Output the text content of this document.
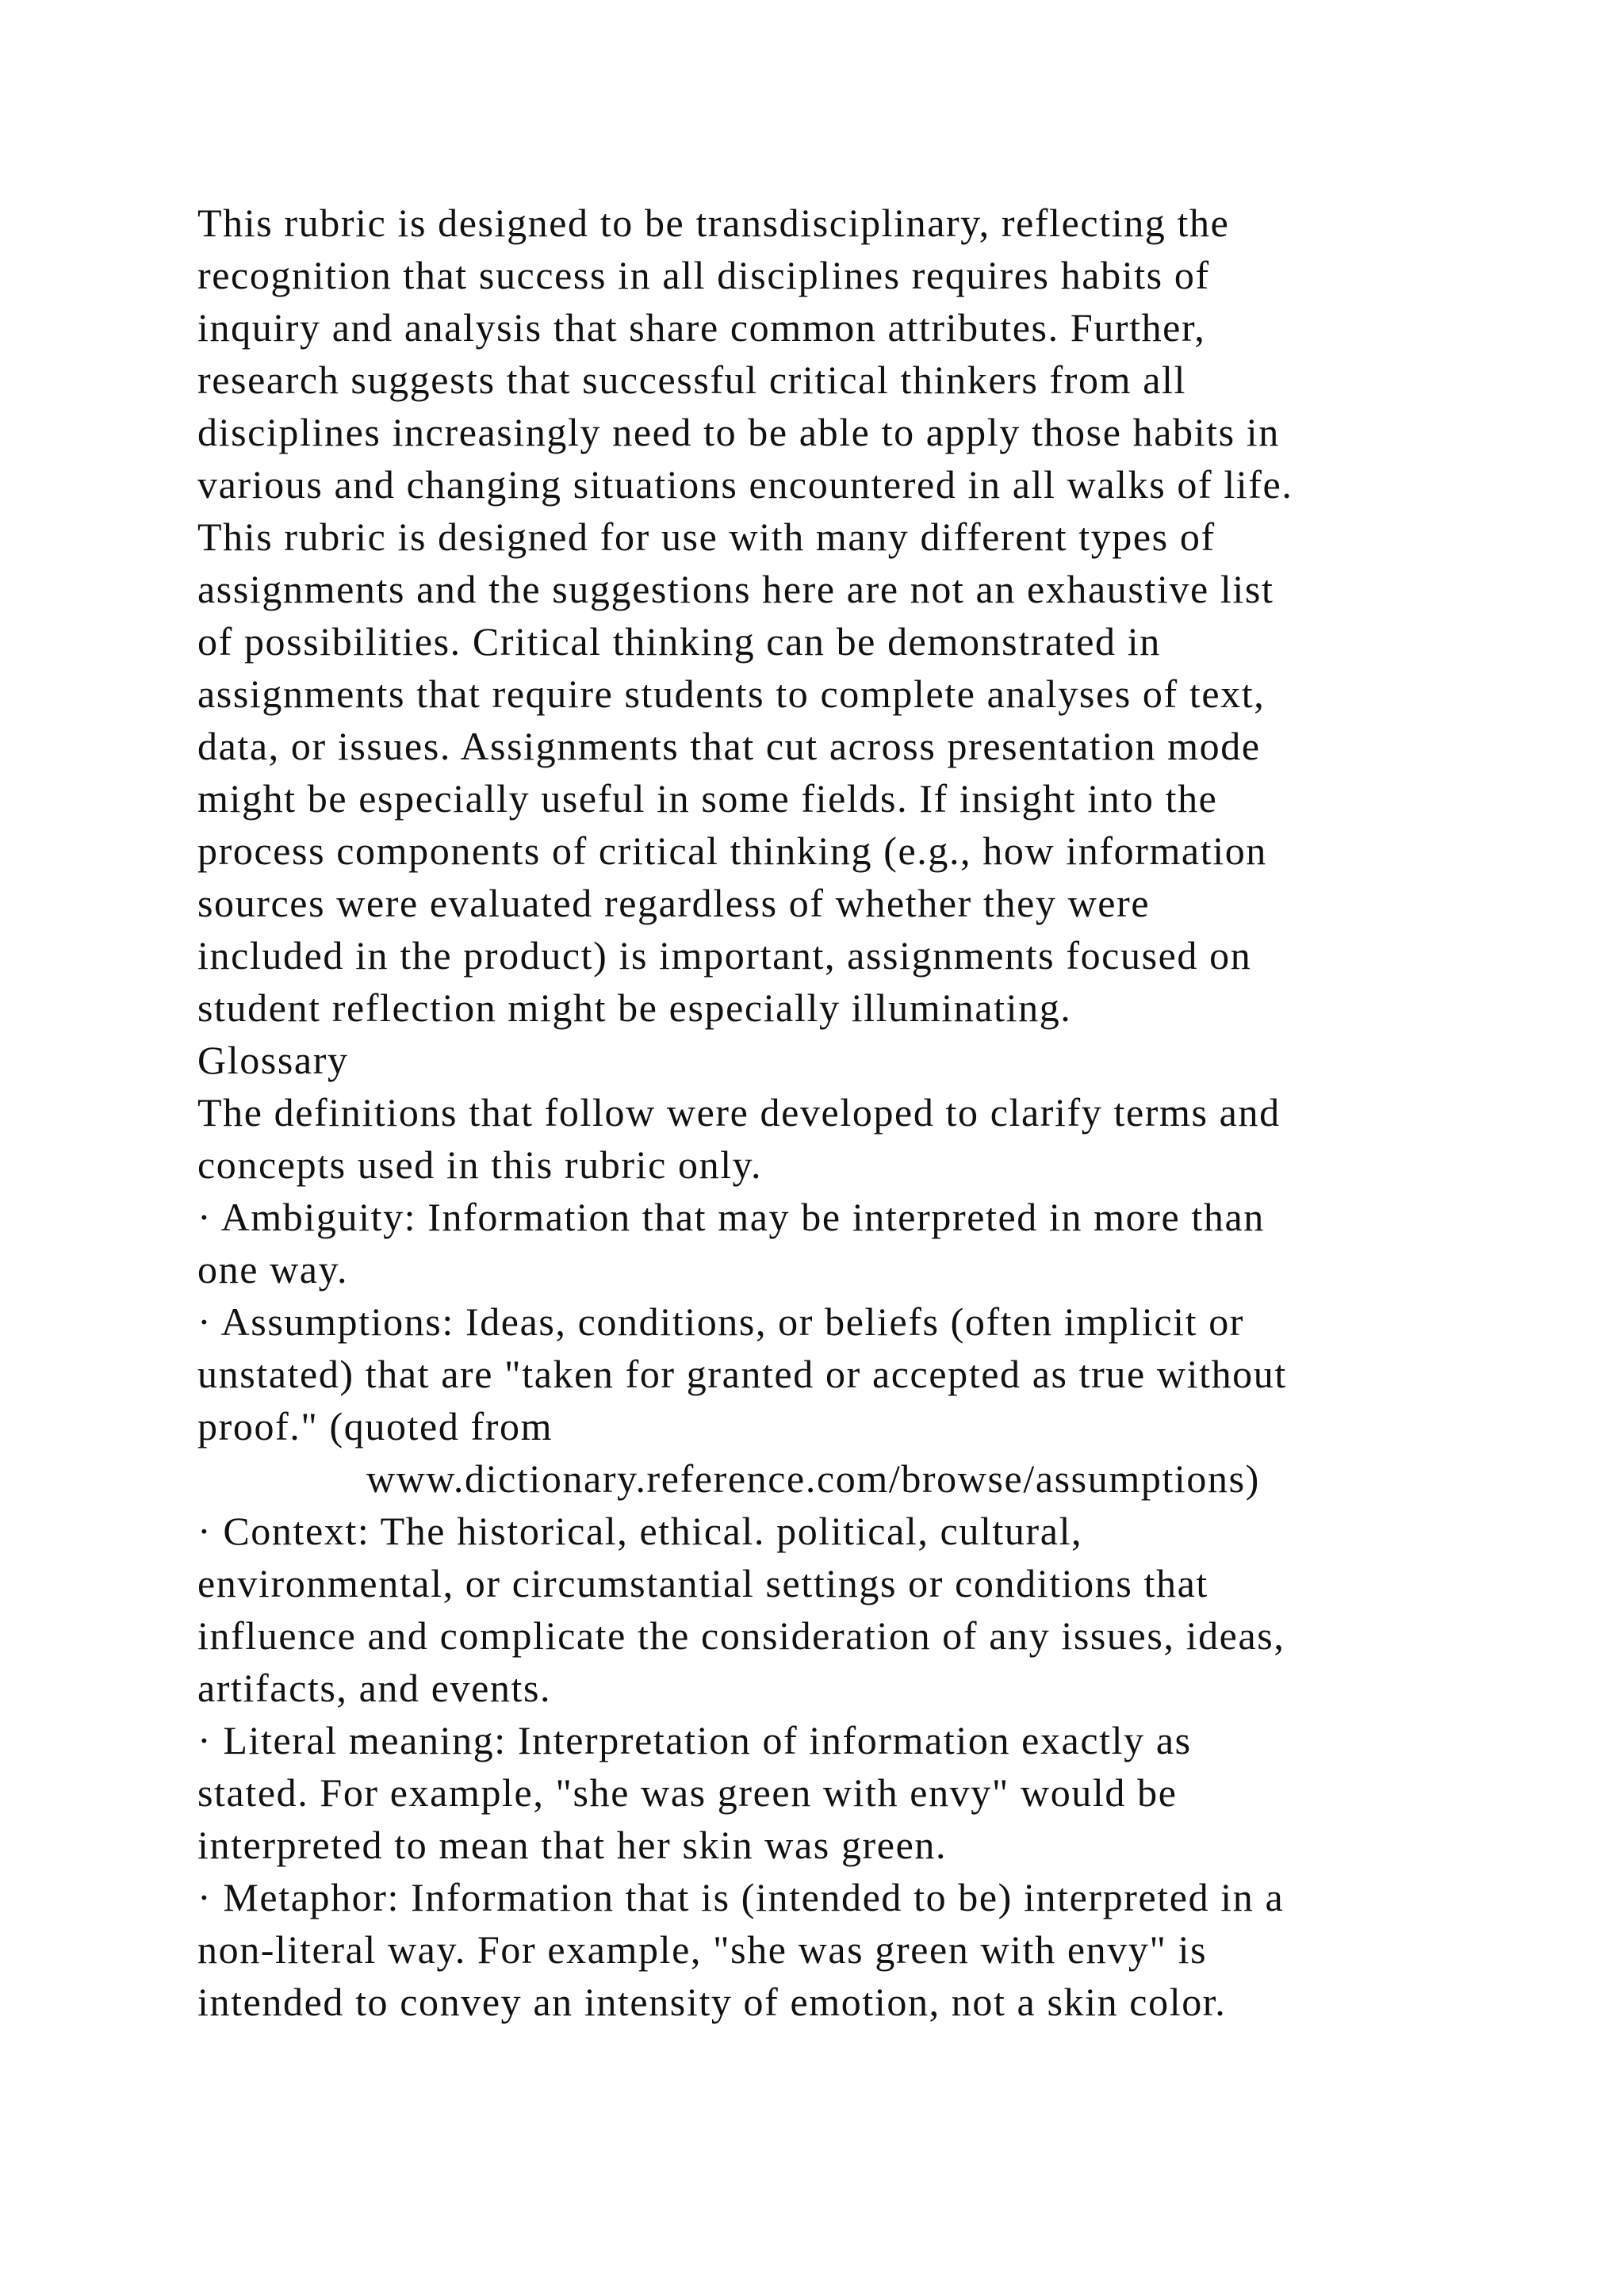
This rubric is designed to be transdisciplinary, reflecting the
recognition that success in all disciplines requires habits of
inquiry and analysis that share common attributes. Further,
research suggests that successful critical thinkers from all
disciplines increasingly need to be able to apply those habits in
various and changing situations encountered in all walks of life.
This rubric is designed for use with many different types of
assignments and the suggestions here are not an exhaustive list
of possibilities. Critical thinking can be demonstrated in
assignments that require students to complete analyses of text,
data, or issues. Assignments that cut across presentation mode
might be especially useful in some fields. If insight into the
process components of critical thinking (e.g., how information
sources were evaluated regardless of whether they were
included in the product) is important, assignments focused on
student reflection might be especially illuminating.
Glossary
The definitions that follow were developed to clarify terms and
concepts used in this rubric only.
· Ambiguity: Information that may be interpreted in more than
one way.
· Assumptions: Ideas, conditions, or beliefs (often implicit or
unstated) that are "taken for granted or accepted as true without
proof." (quoted from
www.dictionary.reference.com/browse/assumptions)
· Context: The historical, ethical. political, cultural,
environmental, or circumstantial settings or conditions that
influence and complicate the consideration of any issues, ideas,
artifacts, and events.
· Literal meaning: Interpretation of information exactly as
stated. For example, "she was green with envy" would be
interpreted to mean that her skin was green.
· Metaphor: Information that is (intended to be) interpreted in a
non-literal way. For example, "she was green with envy" is
intended to convey an intensity of emotion, not a skin color.
